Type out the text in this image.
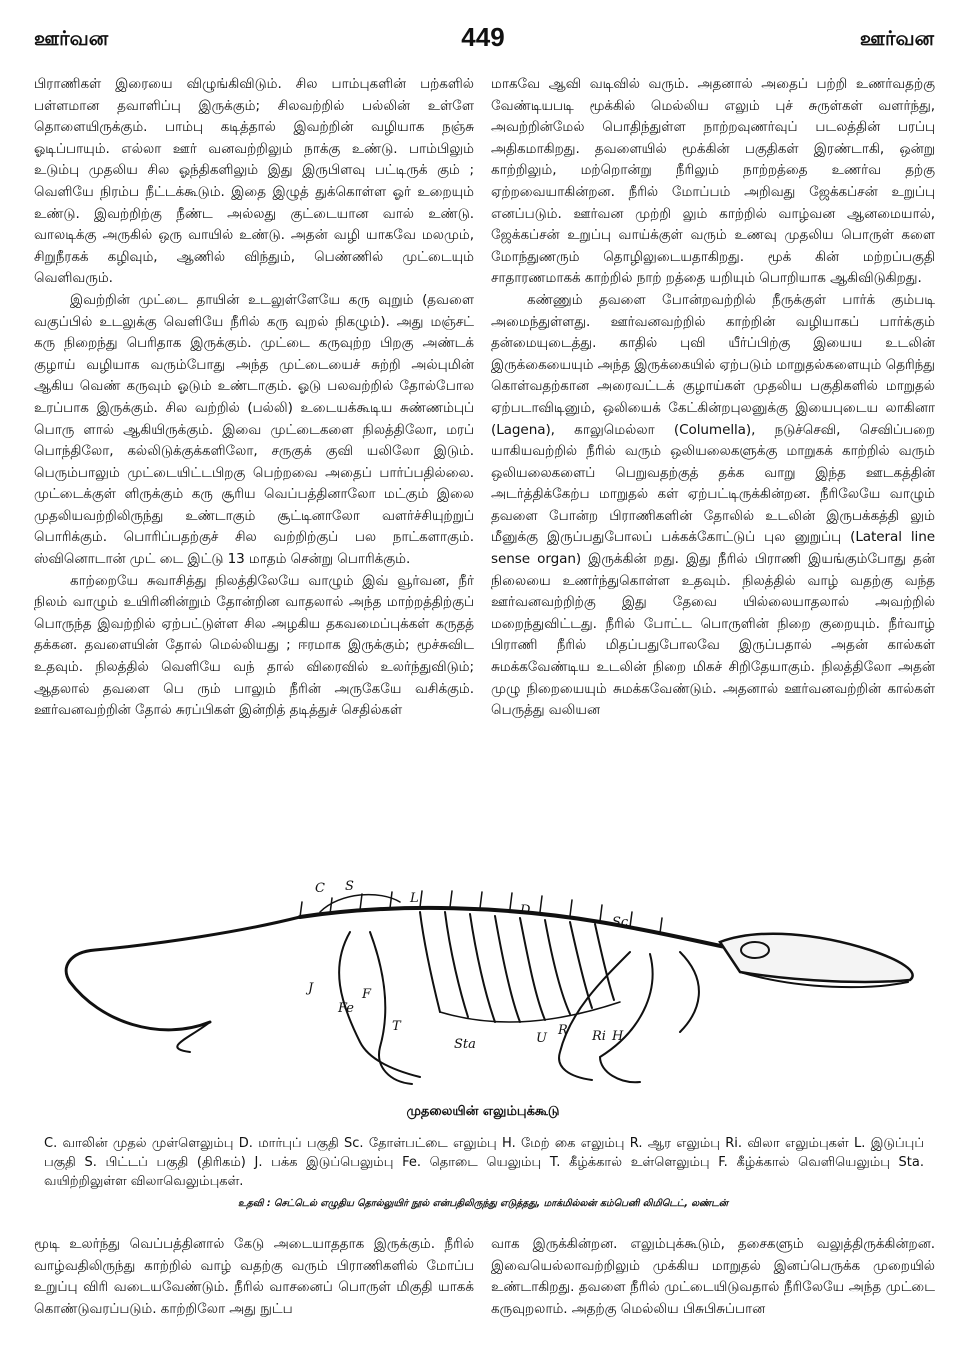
ஊர்வன	449	ஊர்வன

பிராணிகள் இரையை விழுங்கிவிடும். சில பாம்புகளின் பற்களில் பள்ளமான தவாளிப்பு இருக்கும்; சிலவற்றில் பல்லின் உள்ளே தொளையிருக்கும். பாம்பு கடித்தால் இவற்றின் வழியாக நஞ்சு ஓடிப்பாயும். எல்லா ஊர் வனவற்றிலும் நாக்கு உண்டு. பாம்பிலும் உடும்பு முதலிய சில ஓந்திகளிலும் இது இருபிளவு பட்டிருக் கும் ; வெளியே நிரம்ப நீட்டக்கூடும். இதை இழுத் துக்கொள்ள ஓர் உறையும் உண்டு. இவற்றிற்கு நீண்ட அல்லது குட்டையான வால் உண்டு. வாலடிக்கு அருகில் ஒரு வாயில் உண்டு. அதன் வழி யாகவே மலமும், சிறுநீரகக் கழிவும், ஆணில் விந்தும், பெண்ணில் முட்டையும் வெளிவரும்.

இவற்றின் முட்டை தாயின் உடலுள்ளேயே கரு வுறும் (தவளை வகுப்பில் உடலுக்கு வெளியே நீரில் கரு வுறல் நிகழும்). அது மஞ்சட் கரு நிறைந்து பெரிதாக இருக்கும். முட்டை கருவுற்ற பிறகு அண்டக் குழாய் வழியாக வரும்போது அந்த முட்டையைச் சுற்றி அல்புமின் ஆகிய வெண் கருவும் ஓடும் உண்டாகும். ஓடு பலவற்றில் தோல்போல உரப்பாக இருக்கும். சில வற்றில் (பல்லி) உடையக்கூடிய சுண்ணம்புப் பொரு ளால் ஆகியிருக்கும். இவை முட்டைகளை நிலத்திலோ, மரப் பொந்திலோ, கல்லிடுக்குக்களிலோ, சருகுக் குவி யலிலோ இடும். பெரும்பாலும் முட்டையிட்டபிறகு பெற்றவை அதைப் பார்ப்பதில்லை. முட்டைக்குள் ளிருக்கும் கரு சூரிய வெப்பத்தினாலோ மட்கும் இலை முதலியவற்றிலிருந்து உண்டாகும் சூட்டினாலோ வளர்ச்சியுற்றுப் பொரிக்கும். பொரிப்பதற்குச் சில வற்றிற்குப் பல நாட்களாகும். ஸ்வினொடான் முட் டை இட்டு 13 மாதம் சென்று பொரிக்கும்.

காற்றையே சுவாசித்து நிலத்திலேயே வாழும் இவ் வூர்வன, நீர் நிலம் வாழும் உயிரினின்றும் தோன்றின வாதலால் அந்த மாற்றத்திற்குப் பொருந்த இவற்றில் ஏற்பட்டுள்ள சில அழகிய தகவமைப்புக்கள் கருதத் தக்கன. தவளையின் தோல் மெல்லியது ; ஈரமாக இருக்கும்; மூச்சுவிட உதவும். நிலத்தில் வெளியே வந் தால் விரைவில் உலர்ந்துவிடும்; ஆதலால் தவளை பெ ரும் பாலும் நீரின் அருகேயே வசிக்கும். ஊர்வனவற்றின் தோல் சுரப்பிகள் இன்றித் தடித்துச் செதில்கள்

மாகவே ஆவி வடிவில் வரும். அதனால் அதைப் பற்றி உணர்வதற்கு வேண்டியபடி மூக்கில் மெல்லிய எலும் புச் சுருள்கள் வளர்ந்து, அவற்றின்மேல் பொதிந்துள்ள நாற்றவுணர்வுப் படலத்தின் பரப்பு அதிகமாகிறது. தவளையில் மூக்கின் பகுதிகள் இரண்டாகி, ஒன்று காற்றிலும், மற்றொன்று நீரிலும் நாற்றத்தை உணர்வ தற்கு ஏற்றவையாகின்றன. நீரில் மோப்பம் அறிவது ஜேக்கப்சன் உறுப்பு எனப்படும். ஊர்வன முற்றி லும் காற்றில் வாழ்வன ஆனமையால், ஜேக்கப்சன் உறுப்பு வாய்க்குள் வரும் உணவு முதலிய பொருள் களை மோந்துணரும் தொழிலுடையதாகிறது. மூக் கின் மற்றப்பகுதி சாதாரணமாகக் காற்றில் நாற் றத்தை யறியும் பொறியாக ஆகிவிடுகிறது.

கண்ணும் தவளை போன்றவற்றில் நீருக்குள் பார்க் கும்படி அமைந்துள்ளது. ஊர்வனவற்றில் காற்றின் வழியாகப் பார்க்கும் தன்மையுடைத்து. காதில் புவி யீர்ப்பிற்கு இயைய உடலின் இருக்கையையும் அந்த இருக்கையில் ஏற்படும் மாறுதல்களையும் தெரிந்து கொள்வதற்கான அரைவட்டக் குழாய்கள் முதலிய பகுதிகளில் மாறுதல் ஏற்படாவிடினும், ஒலியைக் கேட்கின்றபுலனுக்கு இயைபுடைய லாகினா (Lagena), காலுமெல்லா (Columella), நடுச்செவி, செவிப்பறை யாகியவற்றில் நீரில் வரும் ஒலியலைகளுக்கு மாறுகக் காற்றில் வரும் ஒலியலைகளைப் பெறுவதற்குத் தக்க வாறு இந்த ஊடகத்தின் அடர்த்திக்கேற்ப மாறுதல் கள் ஏற்பட்டிருக்கின்றன. நீரிலேயே வாழும் தவளை போன்ற பிராணிகளின் தோலில் உடலின் இருபக்கத்தி லும் மீனுக்கு இருப்பதுபோலப் பக்கக்கோட்டுப் புல னுறுப்பு (Lateral line sense organ) இருக்கின் றது. இது நீரில் பிராணி இயங்கும்போது தன் நிலையை உணர்ந்துகொள்ள உதவும். நிலத்தில் வாழ் வதற்கு வந்த ஊர்வனவற்றிற்கு இது தேவை யில்லையாதலால் அவற்றில் மறைந்துவிட்டது. நீரில் போட்ட பொருளின் நிறை குறையும். நீர்வாழ் பிராணி நீரில் மிதப்பதுபோலவே இருப்பதால் அதன் கால்கள் சுமக்கவேண்டிய உடலின் நிறை மிகச் சிறிதேயாகும். நிலத்திலோ அதன் முழு நிறையையும் சுமக்கவேண்டும். அதனால் ஊர்வனவற்றின் கால்கள் பெருத்து வலியன

C S
L
D
Sc
J
Fe
F
T
Sta	U
R Ri H
முதலையின் எலும்புக்கூடு
C. வாலின் முதல் முள்ளெலும்பு D. மார்புப் பகுதி Sc. தோள்பட்டை எலும்பு H. மேற் கை எலும்பு R. ஆர எலும்பு Ri. விலா எலும்புகள் L. இடுப்புப் பகுதி S. பிட்டப் பகுதி (திரிகம்) J. பக்க இடுப்பெலும்பு Fe. தொடை யெலும்பு T. கீழ்க்கால் உள்ளெலும்பு F. கீழ்க்கால் வெளியெலும்பு Sta. வயிற்றிலுள்ள விலாவெலும்புகள்.
உதவி : செட்டெல் எழுதிய தொல்லுயிர் நூல் என்பதிலிருந்து எடுத்தது, மாக்மில்லன் கம்பெனி லிமிடெட், லண்டன்

மூடி உலர்ந்து வெப்பத்தினால் கேடு அடையாததாக இருக்கும். நீரில் வாழ்வதிலிருந்து காற்றில் வாழ் வதற்கு வரும் பிராணிகளில் மோப்ப உறுப்பு விரி வடையவேண்டும். நீரில் வாசனைப் பொருள் மிகுதி யாகக் கொண்டுவரப்படும். காற்றிலோ அது நுட்ப

வாக இருக்கின்றன. எலும்புக்கூடும், தசைகளும் வலுத்திருக்கின்றன. இவையெல்லாவற்றிலும் முக்கிய மாறுதல் இனப்பெருக்க முறையில் உண்டாகிறது. தவளை நீரில் முட்டையிடுவதால் நீரிலேயே அந்த முட்டை கருவுறலாம். அதற்கு மெல்லிய பிசுபிசுப்பான
